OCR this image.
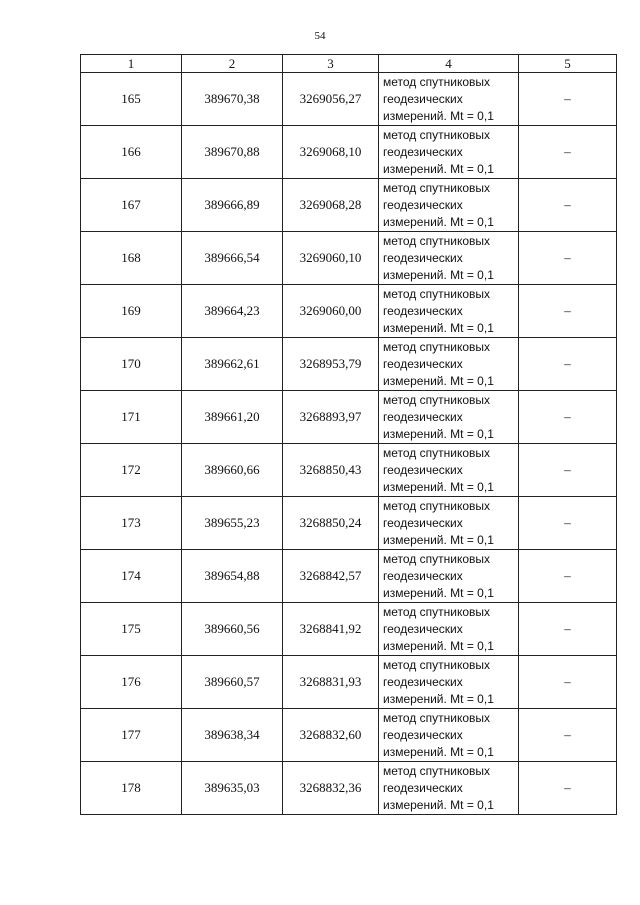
54
1	2	3	4	5
165	389670,38	3269056,27	метод спутниковых
геодезических
измерений. Mt = 0,1	–
166	389670,88	3269068,10	метод спутниковых
геодезических
измерений. Mt = 0,1	–
167	389666,89	3269068,28	метод спутниковых
геодезических
измерений. Mt = 0,1	–
168	389666,54	3269060,10	метод спутниковых
геодезических
измерений. Mt = 0,1	–
169	389664,23	3269060,00	метод спутниковых
геодезических
измерений. Mt = 0,1	–
170	389662,61	3268953,79	метод спутниковых
геодезических
измерений. Mt = 0,1	–
171	389661,20	3268893,97	метод спутниковых
геодезических
измерений. Mt = 0,1	–
172	389660,66	3268850,43	метод спутниковых
геодезических
измерений. Mt = 0,1	–
173	389655,23	3268850,24	метод спутниковых
геодезических
измерений. Mt = 0,1	–
174	389654,88	3268842,57	метод спутниковых
геодезических
измерений. Mt = 0,1	–
175	389660,56	3268841,92	метод спутниковых
геодезических
измерений. Mt = 0,1	–
176	389660,57	3268831,93	метод спутниковых
геодезических
измерений. Mt = 0,1	–
177	389638,34	3268832,60	метод спутниковых
геодезических
измерений. Mt = 0,1	–
178	389635,03	3268832,36	метод спутниковых
геодезических
измерений. Mt = 0,1	–
